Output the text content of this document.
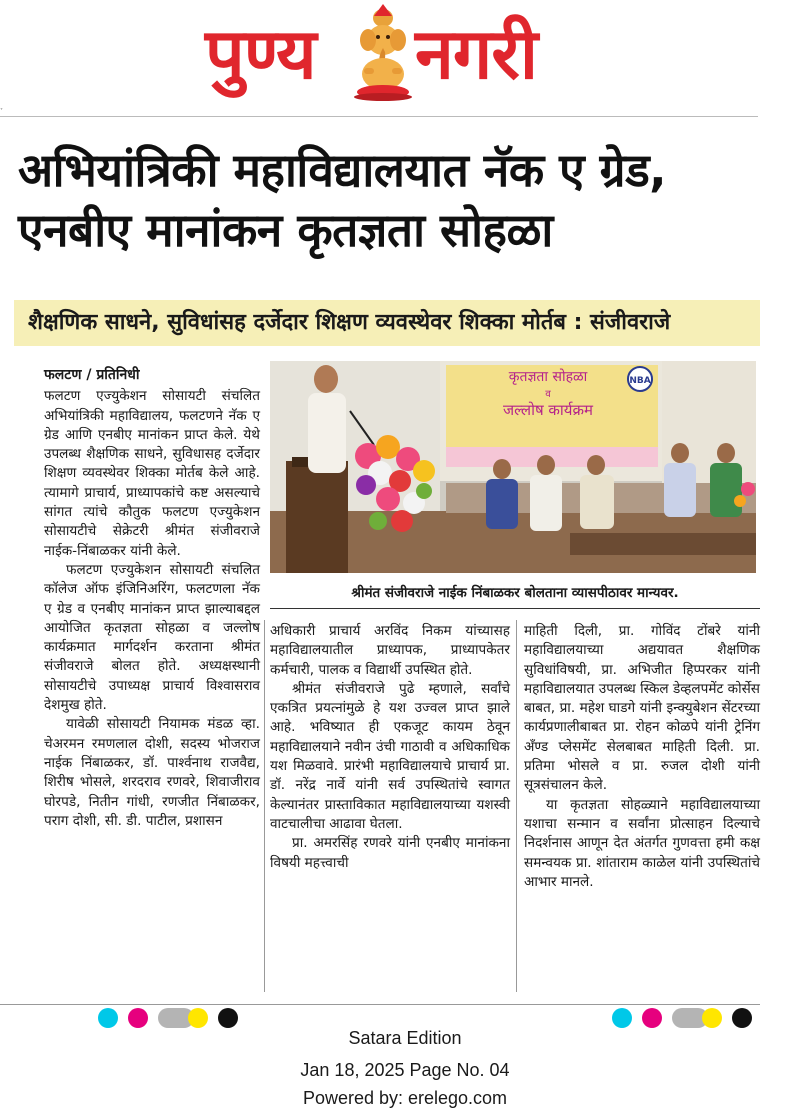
पुण्य नगरी
˯
अभियांत्रिकी महाविद्यालयात नॅक ए ग्रेड,
एनबीए मानांकन कृतज्ञता सोहळा
शैक्षणिक साधने, सुविधांसह दर्जेदार शिक्षण व्यवस्थेवर शिक्का मोर्तब : संजीवराजे
फलटण / प्रतिनिधी

फलटण एज्युकेशन सोसायटी संचलित अभियांत्रिकी महाविद्यालय, फलटणने नॅक ए ग्रेड आणि एनबीए मानांकन प्राप्त केले. येथे उपलब्ध शैक्षणिक साधने, सुविधासह दर्जेदार शिक्षण व्यवस्थेवर शिक्का मोर्तब केले आहे. त्यामागे प्राचार्य, प्राध्यापकांचे कष्ट असल्याचे सांगत त्यांचे कौतुक फलटण एज्युकेशन सोसायटीचे सेक्रेटरी श्रीमंत संजीवराजे नाईक-निंबाळकर यांनी केले.

फलटण एज्युकेशन सोसायटी संचलित कॉलेज ऑफ इंजिनिअरिंग, फलटणला नॅक ए ग्रेड व एनबीए मानांकन प्राप्त झाल्याबद्दल आयोजित कृतज्ञता सोहळा व जल्लोष कार्यक्रमात मार्गदर्शन करताना श्रीमंत संजीवराजे बोलत होते. अध्यक्षस्थानी सोसायटीचे उपाध्यक्ष प्राचार्य विश्वासराव देशमुख होते.

यावेळी सोसायटी नियामक मंडळ व्हा. चेअरमन रमणलाल दोशी, सदस्य भोजराज नाईक निंबाळकर, डॉ. पार्श्वनाथ राजवैद्य, शिरीष भोसले, शरदराव रणवरे, शिवाजीराव घोरपडे, नितीन गांधी, रणजीत निंबाळकर, पराग दोशी, सी. डी. पाटील, प्रशासन

NBA
कृतज्ञता सोहळा
व
जल्लोष कार्यक्रम
श्रीमंत संजीवराजे नाईक निंबाळकर बोलताना व्यासपीठावर मान्यवर.

अधिकारी प्राचार्य अरविंद निकम यांच्यासह महाविद्यालयातील प्राध्यापक, प्राध्यापकेतर कर्मचारी, पालक व विद्यार्थी उपस्थित होते.

श्रीमंत संजीवराजे पुढे म्हणाले, सर्वांचे एकत्रित प्रयत्नांमुळे हे यश उज्वल प्राप्त झाले आहे. भविष्यात ही एकजूट कायम ठेवून महाविद्यालयाने नवीन उंची गाठावी व अधिकाधिक यश मिळवावे. प्रारंभी महाविद्यालयाचे प्राचार्य प्रा. डॉ. नरेंद्र नार्वे यांनी सर्व उपस्थितांचे स्वागत केल्यानंतर प्रास्ताविकात महाविद्यालयाच्या यशस्वी वाटचालीचा आढावा घेतला.

प्रा. अमरसिंह रणवरे यांनी एनबीए मानांकना विषयी महत्त्वाची

माहिती दिली, प्रा. गोविंद टोंबरे यांनी महाविद्यालयाच्या अद्ययावत शैक्षणिक सुविधांविषयी, प्रा. अभिजीत हिप्परकर यांनी महाविद्यालयात उपलब्ध स्किल डेव्हलपमेंट कोर्सेस बाबत, प्रा. महेश घाडगे यांनी इन्क्युबेशन सेंटरच्या कार्यप्रणालीबाबत प्रा. रोहन कोळपे यांनी ट्रेनिंग अँण्ड प्लेसमेंट सेलबाबत माहिती दिली. प्रा. प्रतिमा भोसले व प्रा. रुजल दोशी यांनी सूत्रसंचालन केले.

या कृतज्ञता सोहळ्याने महाविद्यालयाच्या यशाचा सन्मान व सर्वांना प्रोत्साहन दिल्याचे निदर्शनास आणून देत अंतर्गत गुणवत्ता हमी कक्ष समन्वयक प्रा. शांताराम काळेल यांनी उपस्थितांचे आभार मानले.

Satara Edition
Jan 18, 2025 Page No. 04
Powered by: erelego.com
